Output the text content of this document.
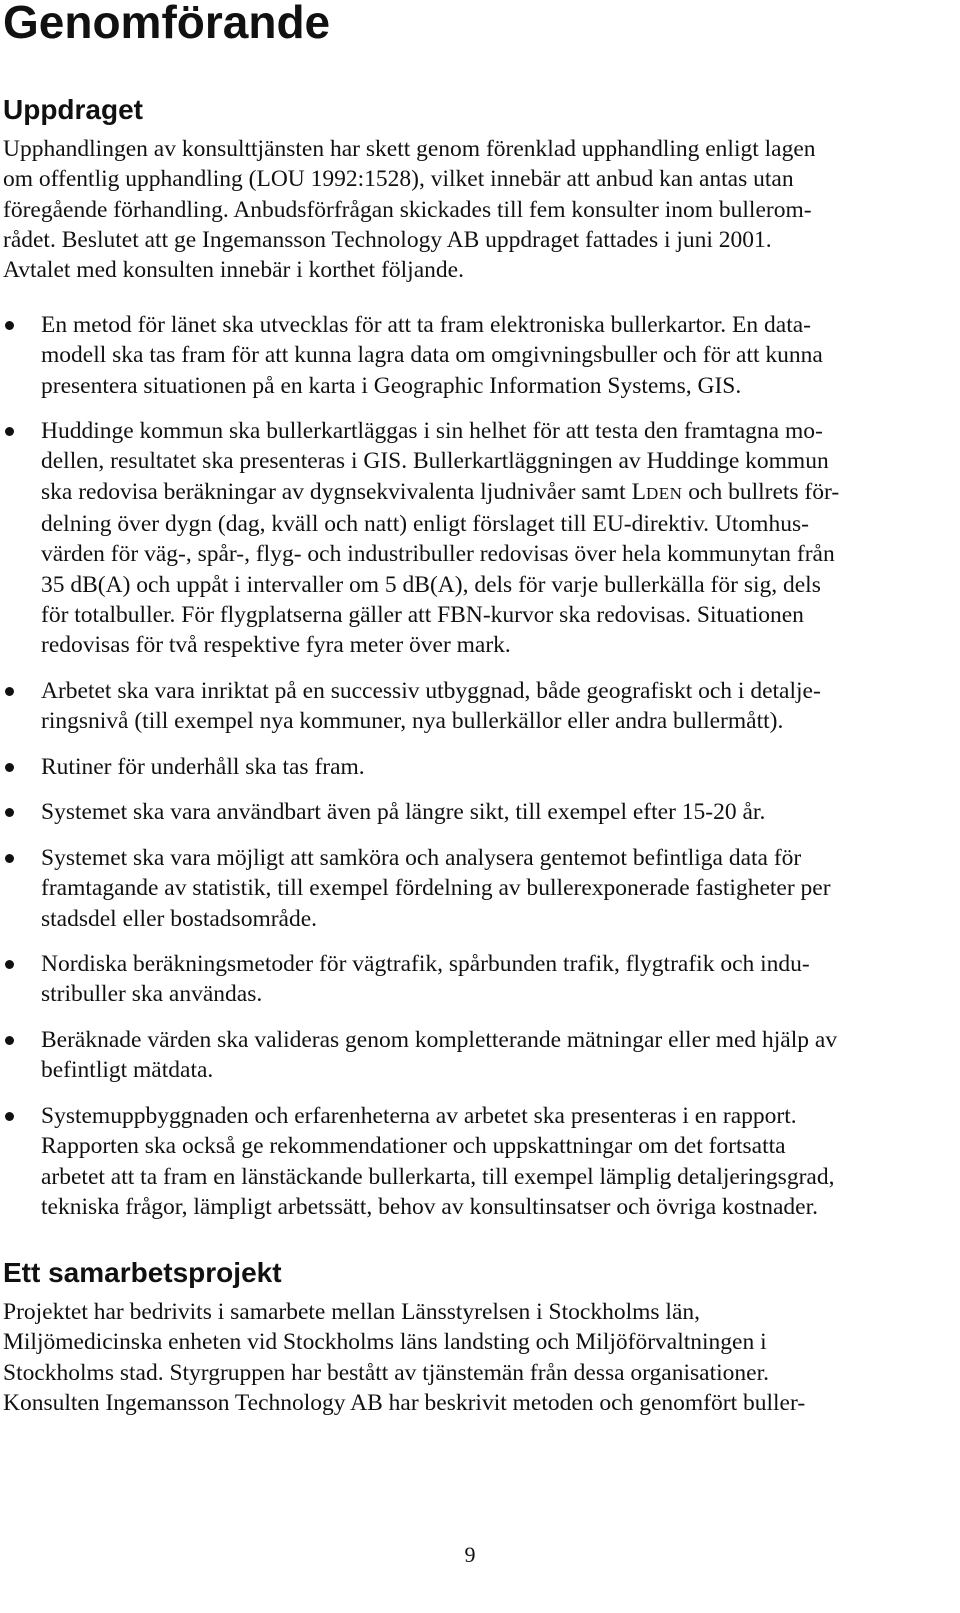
Genomförande
Uppdraget

Upphandlingen av konsulttjänsten har skett genom förenklad upphandling enligt lagen
om offentlig upphandling (LOU 1992:1528), vilket innebär att anbud kan antas utan
föregående förhandling. Anbudsförfrågan skickades till fem konsulter inom bullerom-
rådet. Beslutet att ge Ingemansson Technology AB uppdraget fattades i juni 2001.
Avtalet med konsulten innebär i korthet följande.

En metod för länet ska utvecklas för att ta fram elektroniska bullerkartor. En data-
modell ska tas fram för att kunna lagra data om omgivningsbuller och för att kunna
presentera situationen på en karta i Geographic Information Systems, GIS.
Huddinge kommun ska bullerkartläggas i sin helhet för att testa den framtagna mo-
dellen, resultatet ska presenteras i GIS. Bullerkartläggningen av Huddinge kommun
ska redovisa beräkningar av dygnsekvivalenta ljudnivåer samt LDEN och bullrets för-
delning över dygn (dag, kväll och natt) enligt förslaget till EU-direktiv. Utomhus-
värden för väg-, spår-, flyg- och industribuller redovisas över hela kommunytan från
35 dB(A) och uppåt i intervaller om 5 dB(A), dels för varje bullerkälla för sig, dels
för totalbuller. För flygplatserna gäller att FBN-kurvor ska redovisas. Situationen
redovisas för två respektive fyra meter över mark.
Arbetet ska vara inriktat på en successiv utbyggnad, både geografiskt och i detalje-
ringsnivå (till exempel nya kommuner, nya bullerkällor eller andra bullermått).
Rutiner för underhåll ska tas fram.
Systemet ska vara användbart även på längre sikt, till exempel efter 15-20 år.
Systemet ska vara möjligt att samköra och analysera gentemot befintliga data för
framtagande av statistik, till exempel fördelning av bullerexponerade fastigheter per
stadsdel eller bostadsområde.
Nordiska beräkningsmetoder för vägtrafik, spårbunden trafik, flygtrafik och indu-
stribuller ska användas.
Beräknade värden ska valideras genom kompletterande mätningar eller med hjälp av
befintligt mätdata.
Systemuppbyggnaden och erfarenheterna av arbetet ska presenteras i en rapport.
Rapporten ska också ge rekommendationer och uppskattningar om det fortsatta
arbetet att ta fram en länstäckande bullerkarta, till exempel lämplig detaljeringsgrad,
tekniska frågor, lämpligt arbetssätt, behov av konsultinsatser och övriga kostnader.
Ett samarbetsprojekt

Projektet har bedrivits i samarbete mellan Länsstyrelsen i Stockholms län,
Miljömedicinska enheten vid Stockholms läns landsting och Miljöförvaltningen i
Stockholms stad. Styrgruppen har bestått av tjänstemän från dessa organisationer.
Konsulten Ingemansson Technology AB har beskrivit metoden och genomfört buller-

9
